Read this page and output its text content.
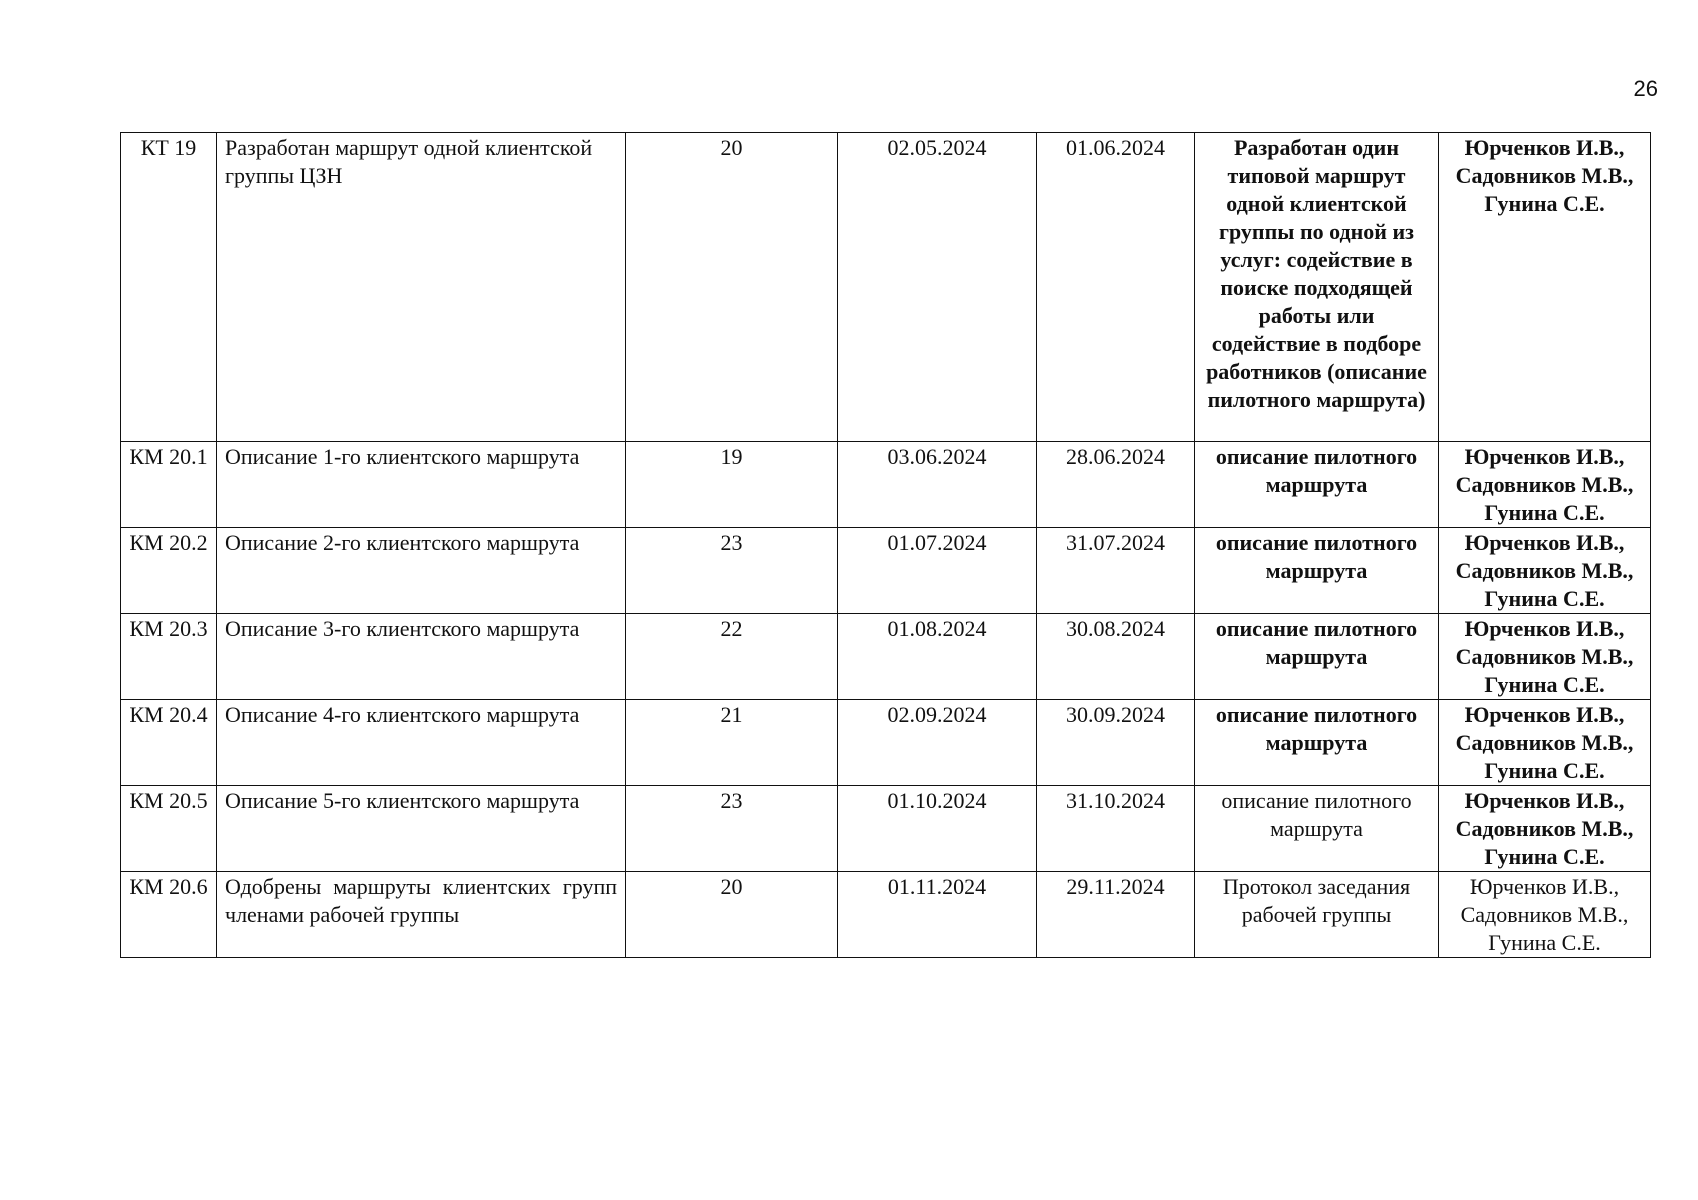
26
КТ 19	Разработан маршрут одной клиентской группы ЦЗН	20	02.05.2024	01.06.2024	Разработан один типовой маршрут одной клиентской группы по одной из услуг: содействие в поиске подходящей работы или содействие в подборе работников (описание пилотного маршрута)	Юрченков И.В., Садовников М.В., Гунина С.Е.
КМ 20.1	Описание 1-го клиентского маршрута	19	03.06.2024	28.06.2024	описание пилотного маршрута	Юрченков И.В., Садовников М.В., Гунина С.Е.
КМ 20.2	Описание 2-го клиентского маршрута	23	01.07.2024	31.07.2024	описание пилотного маршрута	Юрченков И.В., Садовников М.В., Гунина С.Е.
КМ 20.3	Описание 3-го клиентского маршрута	22	01.08.2024	30.08.2024	описание пилотного маршрута	Юрченков И.В., Садовников М.В., Гунина С.Е.
КМ 20.4	Описание 4-го клиентского маршрута	21	02.09.2024	30.09.2024	описание пилотного маршрута	Юрченков И.В., Садовников М.В., Гунина С.Е.
КМ 20.5	Описание 5-го клиентского маршрута	23	01.10.2024	31.10.2024	описание пилотного маршрута	Юрченков И.В., Садовников М.В., Гунина С.Е.
КМ 20.6	Одобрены маршруты клиентских групп членами рабочей группы	20	01.11.2024	29.11.2024	Протокол заседания рабочей группы	Юрченков И.В., Садовников М.В., Гунина С.Е.
